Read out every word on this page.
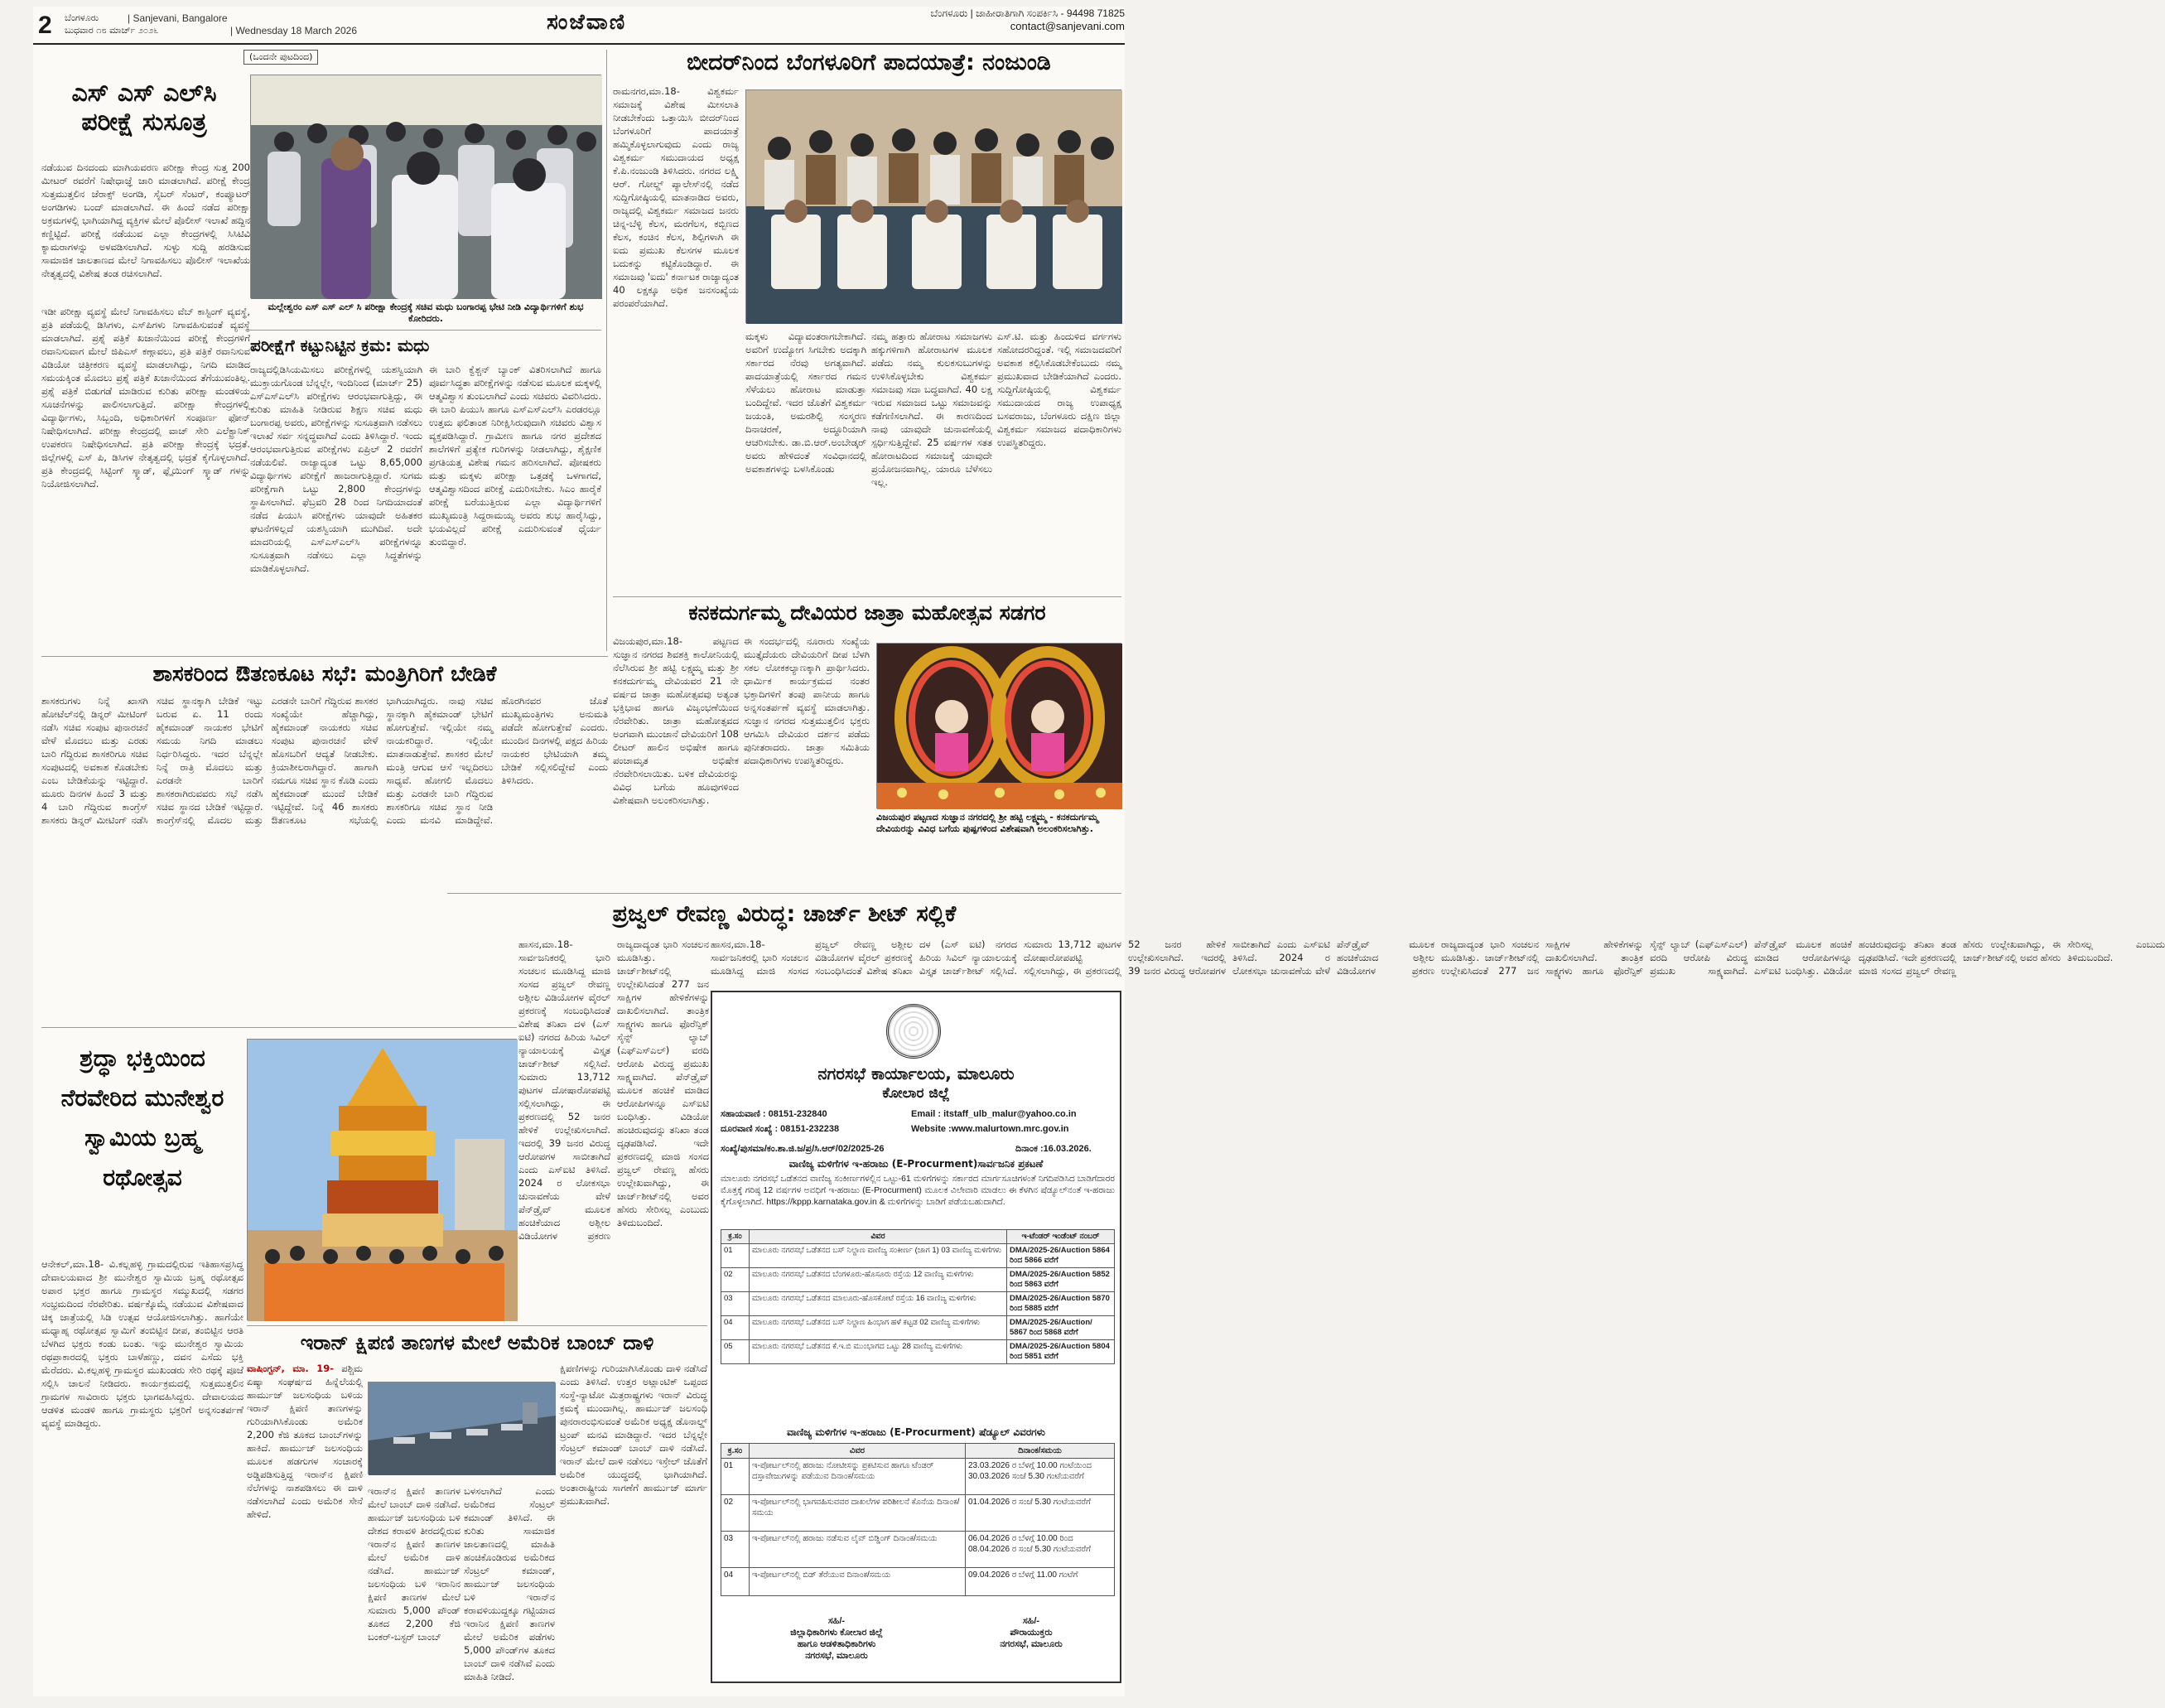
2 ಬೆಂಗಳೂರು
ಬುಧವಾರ ೧೮ ಮಾರ್ಚ್ ೨೦೨೬
| Sanjevani, Bangalore
| Wednesday 18 March 2026	ಸಂಜೆವಾಣಿ	ಬೆಂಗಳೂರು | ಜಾಹೀರಾತಿಗಾಗಿ ಸಂಪರ್ಕಿಸಿ - 94498 71825
contact@sanjevani.com
(ಒಂದನೇ ಪುಟದಿಂದ)
ಎಸ್ ಎಸ್ ಎಲ್‌ಸಿ ಪರೀಕ್ಷೆ ಸುಸೂತ್ರ
ನಡೆಯುವ ದಿನದಂದು ಮಾಗಿಯವರಣ ಪರೀಕ್ಷಾ ಕೇಂದ್ರ ಸುತ್ತ 200 ಮೀಟರ್ ರವರೆಗೆ ನಿಷೇಧಾಜ್ಞೆ ಜಾರಿ ಮಾಡಲಾಗಿದೆ. ಪರೀಕ್ಷೆ ಕೇಂದ್ರ ಸುತ್ತಮುತ್ತಲಿನ ಜೆರಾಕ್ಸ್ ಅಂಗಡಿ, ಸೈಬರ್ ಸೆಂಟರ್, ಕಂಪ್ಯೂಟರ್ ಅಂಗಡಿಗಳು ಬಂದ್ ಮಾಡಲಾಗಿದೆ. ಈ ಹಿಂದೆ ನಡೆದ ಪರೀಕ್ಷಾ ಅಕ್ರಮಗಳಲ್ಲಿ ಭಾಗಿಯಾಗಿದ್ದ ವ್ಯಕ್ತಿಗಳ ಮೇಲೆ ಪೊಲೀಸ್ ಇಲಾಖೆ ಹದ್ದಿನ ಕಣ್ಣಿಟ್ಟಿದೆ. ಪರೀಕ್ಷೆ ನಡೆಯುವ ಎಲ್ಲಾ ಕೇಂದ್ರಗಳಲ್ಲಿ ಸಿಸಿಟಿವಿ ಕ್ಯಾಮರಾಗಳನ್ನು ಅಳವಡಿಸಲಾಗಿದೆ. ಸುಳ್ಳು ಸುದ್ದಿ ಹರಡಿಸುವ ಸಾಮಾಜಿಕ ಜಾಲತಾಣದ ಮೇಲೆ ನಿಗಾವಹಿಸಲು ಪೊಲೀಸ್ ಇಲಾಖೆಯ ನೇತೃತ್ವದಲ್ಲಿ ವಿಶೇಷ ತಂಡ ರಚಿಸಲಾಗಿದೆ.
ಮಲ್ಲೇಶ್ವರಂ ಎಸ್ ಎಸ್ ಎಲ್ ಸಿ ಪರೀಕ್ಷಾ ಕೇಂದ್ರಕ್ಕೆ ಸಚಿವ ಮಧು ಬಂಗಾರಪ್ಪ ಭೇಟಿ ನೀಡಿ ವಿದ್ಯಾರ್ಥಿಗಳಿಗೆ ಶುಭ ಕೋರಿದರು.
ಇಡೀ ಪರೀಕ್ಷಾ ವ್ಯವಸ್ಥೆ ಮೇಲೆ ನಿಗಾವಹಿಸಲು ವೆಬ್ ಕಾಸ್ಟಿಂಗ್ ವ್ಯವಸ್ಥೆ, ಪ್ರತಿ ಪಡೆಯಲ್ಲಿ ಡಿಸಿಗಳು, ಎಸ್‌ಪಿಗಳು ನಿಗಾವಹಿಸುವಂತೆ ವ್ಯವಸ್ಥೆ ಮಾಡಲಾಗಿದೆ. ಪ್ರಶ್ನೆ ಪತ್ರಿಕೆ ಖಜಾನೆಯಿಂದ ಪರೀಕ್ಷೆ ಕೇಂದ್ರಗಳಿಗೆ ರವಾನಿಸುವಾಗ ಮೇಲೆ ಜಿಪಿಎಸ್ ಕಣ್ಗಾವಲು, ಪ್ರತಿ ಪತ್ರಿಕೆ ರವಾನಿಸುವ ವಿಡಿಯೋ ಚಿತ್ರೀಕರಣ ವ್ಯವಸ್ಥೆ ಮಾಡಲಾಗಿದ್ದು, ನಿಗದಿ ಮಾಡಿದ ಸಮಯಕ್ಕಿಂತ ಮೊದಲು ಪ್ರಶ್ನೆ ಪತ್ರಿಕೆ ಖಜಾನೆಯಿಂದ ತೆಗೆಯುವಂತಿಲ್ಲ. ಪ್ರಶ್ನೆ ಪತ್ರಿಕೆ ಬಿಡುಗಡೆ ಮಾಡಿರುವ ಕುರಿತು ಪರೀಕ್ಷಾ ಮಂಡಳಿಯ ಸೂಚನೆಗಳನ್ನು ಪಾಲಿಸಲಾಗುತ್ತಿದೆ. ಪರೀಕ್ಷಾ ಕೇಂದ್ರಗಳಲ್ಲಿ ವಿದ್ಯಾರ್ಥಿಗಳು, ಸಿಬ್ಬಂದಿ, ಅಧಿಕಾರಿಗಳಿಗೆ ಸಂಪೂರ್ಣ ಫೋನ್ ನಿಷೇಧಿಸಲಾಗಿದೆ. ಪರೀಕ್ಷಾ ಕೇಂದ್ರದಲ್ಲಿ ವಾಚ್ ಸೇರಿ ಎಲೆಕ್ಟ್ರಾನಿಕ್ ಉಪಕರಣ ನಿಷೇಧಿಸಲಾಗಿದೆ. ಪ್ರತಿ ಪರೀಕ್ಷಾ ಕೇಂದ್ರಕ್ಕೆ ಭದ್ರತೆ. ಜಿಲ್ಲೆಗಳಲ್ಲಿ ಎಸ್ ಪಿ, ಡಿಸಿಗಳ ನೇತೃತ್ವದಲ್ಲಿ ಭದ್ರತೆ ಕೈಗೊಳ್ಳಲಾಗಿದೆ. ಪ್ರತಿ ಕೇಂದ್ರದಲ್ಲಿ ಸಿಟ್ಟಿಂಗ್ ಸ್ಕ್ವಾಡ್, ಫ್ಲೈಯಿಂಗ್ ಸ್ಕ್ವಾಡ್ ಗಳನ್ನು ನಿಯೋಜಿಸಲಾಗಿದೆ.
ಪರೀಕ್ಷೆಗೆ ಕಟ್ಟುನಿಟ್ಟಿನ ಕ್ರಮ: ಮಧು
ರಾಜ್ಯದಲ್ಲಿಡಿಸಿಯಮಿಸಲು ಪರೀಕ್ಷೆಗಳಲ್ಲಿ ಯಶಸ್ವಿಯಾಗಿ ಮುಕ್ತಾಯಗೊಂಡ ಬೆನ್ನಲ್ಲೇ, ಇಂದಿನಿಂದ (ಮಾರ್ಚ್ 25) ಎಸ್‌ಎಸ್‌ಎಲ್‌ಸಿ ಪರೀಕ್ಷೆಗಳು ಆರಂಭವಾಗುತ್ತಿದ್ದು, ಈ ಕುರಿತು ಮಾಹಿತಿ ನೀಡಿರುವ ಶಿಕ್ಷಣ ಸಚಿವ ಮಧು ಬಂಗಾರಪ್ಪ ಅವರು, ಪರೀಕ್ಷೆಗಳನ್ನು ಸುಸೂತ್ರವಾಗಿ ನಡೆಸಲು ಇಲಾಖೆ ಸರ್ವ ಸನ್ನದ್ಧವಾಗಿದೆ ಎಂದು ತಿಳಿಸಿದ್ದಾರೆ. ಇಂದು ಆರಂಭವಾಗುತ್ತಿರುವ ಪರೀಕ್ಷೆಗಳು ಏಪ್ರಿಲ್ 2 ರವರೆಗೆ ನಡೆಯಲಿವೆ. ರಾಜ್ಯಾದ್ಯಂತ ಒಟ್ಟು 8,65,000 ವಿದ್ಯಾರ್ಥಿಗಳು ಪರೀಕ್ಷೆಗೆ ಹಾಜರಾಗುತ್ತಿದ್ದಾರೆ. ಸುಗಮ ಪರೀಕ್ಷೆಗಾಗಿ ಒಟ್ಟು 2,800 ಕೇಂದ್ರಗಳನ್ನು ಸ್ಥಾಪಿಸಲಾಗಿದೆ. ಫೆಬ್ರವರಿ 28 ರಿಂದ ನಿಗದಿಯಾದಂತೆ ನಡೆದ ಪಿಯುಸಿ ಪರೀಕ್ಷೆಗಳು ಯಾವುದೇ ಅಹಿತಕರ ಘಟನೆಗಳಿಲ್ಲದೆ ಯಶಸ್ವಿಯಾಗಿ ಮುಗಿದಿವೆ. ಅದೇ ಮಾದರಿಯಲ್ಲಿ ಎಸ್‌ಎಸ್‌ಎಲ್‌ಸಿ ಪರೀಕ್ಷೆಗಳನ್ನೂ ಸುಸೂತ್ರವಾಗಿ ನಡೆಸಲು ಎಲ್ಲಾ ಸಿದ್ಧತೆಗಳನ್ನು ಮಾಡಿಕೊಳ್ಳಲಾಗಿದೆ.
ಈ ಬಾರಿ ಕ್ವೆಶ್ಚನ್ ಬ್ಯಾಂಕ್ ವಿತರಿಸಲಾಗಿದೆ ಹಾಗೂ ಪೂರ್ವಸಿದ್ಧತಾ ಪರೀಕ್ಷೆಗಳನ್ನು ನಡೆಸುವ ಮೂಲಕ ಮಕ್ಕಳಲ್ಲಿ ಆತ್ಮವಿಶ್ವಾಸ ತುಂಬಲಾಗಿದೆ ಎಂದು ಸಚಿವರು ವಿವರಿಸಿದರು. ಈ ಬಾರಿ ಪಿಯುಸಿ ಹಾಗೂ ಎಸ್‌ಎಸ್‌ಎಲ್‌ಸಿ ಎರಡರಲ್ಲೂ ಉತ್ತಮ ಫಲಿತಾಂಶ ನಿರೀಕ್ಷಿಸಿರುವುದಾಗಿ ಸಚಿವರು ವಿಶ್ವಾಸ ವ್ಯಕ್ತಪಡಿಸಿದ್ದಾರೆ. ಗ್ರಾಮೀಣ ಹಾಗೂ ನಗರ ಪ್ರದೇಶದ ಶಾಲೆಗಳಿಗೆ ಪ್ರತ್ಯೇಕ ಗುರಿಗಳನ್ನು ನೀಡಲಾಗಿದ್ದು, ಶೈಕ್ಷಣಿಕ ಪ್ರಗತಿಯತ್ತ ವಿಶೇಷ ಗಮನ ಹರಿಸಲಾಗಿದೆ. ಪೋಷಕರು ಮತ್ತು ಮಕ್ಕಳು ಪರೀಕ್ಷಾ ಒತ್ತಡಕ್ಕೆ ಒಳಗಾಗದೆ, ಆತ್ಮವಿಶ್ವಾಸದಿಂದ ಪರೀಕ್ಷೆ ಎದುರಿಸಬೇಕು. ಸಿಎಂ ಹಾರೈಕೆ ಪರೀಕ್ಷೆ ಬರೆಯುತ್ತಿರುವ ಎಲ್ಲಾ ವಿದ್ಯಾರ್ಥಿಗಳಿಗೆ ಮುಖ್ಯಮಂತ್ರಿ ಸಿದ್ದರಾಮಯ್ಯ ಅವರು ಶುಭ ಹಾರೈಸಿದ್ದು, ಭಯವಿಲ್ಲದೆ ಪರೀಕ್ಷೆ ಎದುರಿಸುವಂತೆ ಧೈರ್ಯ ತುಂಬಿದ್ದಾರೆ.
ಬೀದರ್‌ನಿಂದ ಬೆಂಗಳೂರಿಗೆ ಪಾದಯಾತ್ರೆ: ನಂಜುಂಡಿ
ರಾಮನಗರ,ಮಾ.18- ವಿಶ್ವಕರ್ಮ ಸಮಾಜಕ್ಕೆ ವಿಶೇಷ ಮೀಸಲಾತಿ ನೀಡಬೇಕೆಂದು ಒತ್ತಾಯಿಸಿ ಬೀದರ್‌ನಿಂದ ಬೆಂಗಳೂರಿಗೆ ಪಾದಯಾತ್ರೆ ಹಮ್ಮಿಕೊಳ್ಳಲಾಗುವುದು ಎಂದು ರಾಜ್ಯ ವಿಶ್ವಕರ್ಮ ಸಮುದಾಯದ ಅಧ್ಯಕ್ಷ ಕೆ.ಪಿ.ನಂಜುಂಡಿ ತಿಳಿಸಿದರು. ನಗರದ ಲಕ್ಷ್ಮಿ ಆರ್. ಗೋಲ್ಡ್ ಪ್ಯಾಲೇಸ್‌ನಲ್ಲಿ ನಡೆದ ಸುದ್ದಿಗೋಷ್ಠಿಯಲ್ಲಿ ಮಾತನಾಡಿದ ಅವರು, ರಾಜ್ಯದಲ್ಲಿ ವಿಶ್ವಕರ್ಮ ಸಮಾಜದ ಜನರು ಚಿನ್ನ-ಬೆಳ್ಳಿ ಕೆಲಸ, ಮರಗೆಲಸ, ಕಬ್ಬಿಣದ ಕೆಲಸ, ಕಂಚಿನ ಕೆಲಸ, ಶಿಲ್ಪಿಗಳಾಗಿ ಈ ಐದು ಪ್ರಮುಖ ಕೆಲಸಗಳ ಮೂಲಕ ಬದುಕನ್ನು ಕಟ್ಟಿಕೊಂಡಿದ್ದಾರೆ. ಈ ಸಮಾಜವು 'ಐದು' ಕರ್ನಾಟಕ ರಾಜ್ಯಾದ್ಯಂತ 40 ಲಕ್ಷಕ್ಕೂ ಅಧಿಕ ಜನಸಂಖ್ಯೆಯ ಪರಂಪರೆಯಾಗಿದೆ.
ಮಕ್ಕಳು ವಿದ್ಯಾವಂತರಾಗಬೇಕಾಗಿದೆ. ಅವರಿಗೆ ಉದ್ಯೋಗ ಸಿಗಬೇಕು ಅದಕ್ಕಾಗಿ ಸರ್ಕಾರದ ನೆರವು ಅಗತ್ಯವಾಗಿದೆ. ಪಾದಯಾತ್ರೆಯಲ್ಲಿ ಸರ್ಕಾರದ ಗಮನ ಸೆಳೆಯಲು ಹೋರಾಟ ಮಾಡುತ್ತಾ ಬಂದಿದ್ದೇವೆ. ಇದರ ಜೊತೆಗೆ ವಿಶ್ವಕರ್ಮ ಜಯಂತಿ, ಅಮರಶಿಲ್ಪಿ ಸಂಸ್ಮರಣ ದಿನಾಚರಣೆ, ಅದ್ಧೂರಿಯಾಗಿ ಆಚರಿಸಬೇಕು. ಡಾ.ಬಿ.ಆರ್.ಅಂಬೇಡ್ಕರ್ ಅವರು ಹೇಳಿದಂತೆ ಸಂವಿಧಾನದಲ್ಲಿ ಅವಕಾಶಗಳನ್ನು ಬಳಸಿಕೊಂಡು
ನಮ್ಮ ಹತ್ತಾರು ಹೋರಾಟ ಸಮಾಜಗಳು ಹಕ್ಕುಗಳಿಗಾಗಿ ಹೋರಾಟಗಳ ಮೂಲಕ ಪಡೆದು ನಮ್ಮ ಕುಲಕಸುಬುಗಳನ್ನು ಉಳಿಸಿಕೊಳ್ಳಬೇಕು ವಿಶ್ವಕರ್ಮ ಸಮಾಜವು ಸದಾ ಬದ್ಧವಾಗಿದೆ. 40 ಲಕ್ಷ ಇರುವ ಸಮಾಜದ ಒಟ್ಟು ಸಮಾಜವನ್ನು ಕಡೆಗಣಿಸಲಾಗಿದೆ. ಈ ಕಾರಣದಿಂದ ನಾವು ಯಾವುದೇ ಚುನಾವಣೆಯಲ್ಲಿ ಸ್ಪರ್ಧಿಸುತ್ತಿದ್ದೇವೆ. 25 ವರ್ಷಗಳ ಸತತ ಹೋರಾಟದಿಂದ ಸಮಾಜಕ್ಕೆ ಯಾವುದೇ ಪ್ರಯೋಜನವಾಗಿಲ್ಲ. ಯಾರೂ ಬೆಳೆಸಲು ಇಲ್ಲ.
ಎಸ್.ಟಿ. ಮತ್ತು ಹಿಂದುಳಿದ ವರ್ಗಗಳು ಸಹೋದರರಿದ್ದಂತೆ. ಇಲ್ಲಿ ಸಮಾಜದವರಿಗೆ ಅವಕಾಶ ಕಲ್ಪಿಸಿಕೊಡಬೇಕೆಂಬುದು ನಮ್ಮ ಪ್ರಮುಖವಾದ ಬೇಡಿಕೆಯಾಗಿದೆ ಎಂದರು. ಸುದ್ದಿಗೋಷ್ಠಿಯಲ್ಲಿ ವಿಶ್ವಕರ್ಮ ಸಮುದಾಯದ ರಾಜ್ಯ ಉಪಾಧ್ಯಕ್ಷ ಬಸವರಾಜು, ಬೆಂಗಳೂರು ದಕ್ಷಿಣ ಜಿಲ್ಲಾ ವಿಶ್ವಕರ್ಮ ಸಮಾಜದ ಪದಾಧಿಕಾರಿಗಳು ಉಪಸ್ಥಿತರಿದ್ದರು.
ಕನಕದುರ್ಗಮ್ಮ ದೇವಿಯರ ಜಾತ್ರಾ ಮಹೋತ್ಸವ ಸಡಗರ
ವಿಜಯಪುರ,ಮಾ.18- ಪಟ್ಟಣದ ಸುಜ್ಞಾನ ನಗರದ ಶಿವಶಕ್ತಿ ಕಾಲೋನಿಯಲ್ಲಿ ನೆಲೆಸಿರುವ ಶ್ರೀ ಹಟ್ಟಿ ಲಕ್ಷ್ಮಮ್ಮ ಮತ್ತು ಶ್ರೀ ಕನಕದುರ್ಗಮ್ಮ ದೇವಿಯವರ 21 ನೇ ವರ್ಷದ ಜಾತ್ರಾ ಮಹೋತ್ಸವವು ಅತ್ಯಂತ ಭಕ್ತಿಭಾವ ಹಾಗೂ ವಿಜೃಂಭಣೆಯಿಂದ ನೆರವೇರಿತು. ಜಾತ್ರಾ ಮಹೋತ್ಸವದ ಅಂಗವಾಗಿ ಮುಂಜಾನೆ ದೇವಿಯರಿಗೆ 108 ಲೀಟರ್ ಹಾಲಿನ ಅಭಿಷೇಕ ಹಾಗೂ ಪಂಚಾಮೃತ ಅಭಿಷೇಕ ನೆರವೇರಿಸಲಾಯಿತು. ಬಳಿಕ ದೇವಿಯರನ್ನು ವಿವಿಧ ಬಗೆಯ ಹೂವುಗಳಿಂದ ವಿಶೇಷವಾಗಿ ಅಲಂಕರಿಸಲಾಗಿತ್ತು.
ಈ ಸಂದರ್ಭದಲ್ಲಿ ನೂರಾರು ಸಂಖ್ಯೆಯ ಮುತ್ತೈದೆಯರು ದೇವಿಯರಿಗೆ ದೀಪ ಬೆಳಗಿ ಸಕಲ ಲೋಕಕಲ್ಯಾಣಕ್ಕಾಗಿ ಪ್ರಾರ್ಥಿಸಿದರು. ಧಾರ್ಮಿಕ ಕಾರ್ಯಕ್ರಮದ ನಂತರ ಭಕ್ತಾದಿಗಳಿಗೆ ತಂಪು ಪಾನೀಯ ಹಾಗೂ ಅನ್ನಸಂತರ್ಪಣೆ ವ್ಯವಸ್ಥೆ ಮಾಡಲಾಗಿತ್ತು. ಸುಜ್ಞಾನ ನಗರದ ಸುತ್ತಮುತ್ತಲಿನ ಭಕ್ತರು ಆಗಮಿಸಿ ದೇವಿಯರ ದರ್ಶನ ಪಡೆದು ಪುನೀತರಾದರು. ಜಾತ್ರಾ ಸಮಿತಿಯ ಪದಾಧಿಕಾರಿಗಳು ಉಪಸ್ಥಿತರಿದ್ದರು.
ವಿಜಯಪುರ ಪಟ್ಟಣದ ಸುಜ್ಞಾನ ನಗರದಲ್ಲಿ ಶ್ರೀ ಹಟ್ಟಿ ಲಕ್ಷ್ಮಮ್ಮ - ಕನಕದುರ್ಗಮ್ಮ ದೇವಿಯರನ್ನು ವಿವಿಧ ಬಗೆಯ ಪುಷ್ಪಗಳಿಂದ ವಿಶೇಷವಾಗಿ ಅಲಂಕರಿಸಲಾಗಿತ್ತು.
ಶಾಸಕರಿಂದ ಔತಣಕೂಟ ಸಭೆ: ಮಂತ್ರಿಗಿರಿಗೆ ಬೇಡಿಕೆ
ಶಾಸಕರುಗಳು ನಿನ್ನೆ ಖಾಸಗಿ ಹೋಟೆಲ್‌ನಲ್ಲಿ ಡಿನ್ನರ್ ಮೀಟಿಂಗ್ ನಡೆಸಿ ಸಚಿವ ಸಂಪುಟ ಪುನಾರಚನೆ ವೇಳೆ ಮೊದಲು ಮತ್ತು ಎರಡು ಬಾರಿ ಗೆದ್ದಿರುವ ಶಾಸಕರಿಗೂ ಸಚಿವ ಸಂಪುಟದಲ್ಲಿ ಅವಕಾಶ ಕೊಡಬೇಕು ಎಂಬ ಬೇಡಿಕೆಯನ್ನು ಇಟ್ಟಿದ್ದಾರೆ. ಮೂರು ದಿನಗಳ ಹಿಂದೆ 3 ಮತ್ತು 4 ಬಾರಿ ಗೆದ್ದಿರುವ ಕಾಂಗ್ರೆಸ್ ಶಾಸಕರು ಡಿನ್ನರ್ ಮೀಟಿಂಗ್ ನಡೆಸಿ ಸಚಿವ ಸ್ಥಾನಕ್ಕಾಗಿ ಬೇಡಿಕೆ ಇಟ್ಟು ಬರುವ ಏ. 11 ರಂದು ಹೈಕಮಾಂಡ್ ನಾಯಕರ ಭೇಟಿಗೆ ಸಮಯ ನಿಗದಿ ಮಾಡಲು ನಿರ್ಧರಿಸಿದ್ದರು. ಇದರ ಬೆನ್ನಲ್ಲೇ ನಿನ್ನೆ ರಾತ್ರಿ ಮೊದಲು ಮತ್ತು ಎರಡನೇ ಬಾರಿಗೆ ಶಾಸಕರಾಗಿರುವವರು ಸಭೆ ನಡೆಸಿ ಸಚಿವ ಸ್ಥಾನದ ಬೇಡಿಕೆ ಇಟ್ಟಿದ್ದಾರೆ. ಕಾಂಗ್ರೆಸ್‌ನಲ್ಲಿ ಮೊದಲ ಮತ್ತು ಎರಡನೇ ಬಾರಿಗೆ ಗೆದ್ದಿರುವ ಶಾಸಕರ ಸಂಖ್ಯೆಯೇ ಹೆಚ್ಚಾಗಿದ್ದು, ಹೈಕಮಾಂಡ್ ನಾಯಕರು ಸಚಿವ ಸಂಪುಟ ಪುನಾರಚನೆ ವೇಳೆ ಹೊಸಬರಿಗೆ ಆದ್ಯತೆ ನೀಡಬೇಕು. ಕ್ರಿಯಾಶೀಲರಾಗಿದ್ದಾರೆ. ಹಾಗಾಗಿ ನಮಗೂ ಸಚಿವ ಸ್ಥಾನ ಕೊಡಿ ಎಂದು ಹೈಕಮಾಂಡ್ ಮುಂದೆ ಬೇಡಿಕೆ ಇಟ್ಟಿದ್ದೇವೆ. ನಿನ್ನೆ 46 ಶಾಸಕರು ಔತಣಕೂಟ ಸಭೆಯಲ್ಲಿ ಭಾಗಿಯಾಗಿದ್ದರು. ನಾವು ಸಚಿವ ಸ್ಥಾನಕ್ಕಾಗಿ ಹೈಕಮಾಂಡ್ ಭೇಟಿಗೆ ಹೋಗುತ್ತೇವೆ. ಇಲ್ಲಿಯೇ ನಮ್ಮ ನಾಯಕರಿದ್ದಾರೆ. ಇಲ್ಲಿಯೇ ಮಾತನಾಡುತ್ತೇವೆ. ಶಾಸಕರ ಮೇಲೆ ಮಂತ್ರಿ ಆಗುವ ಆಸೆ ಇಲ್ಲದಿರಲು ಸಾಧ್ಯವೆ. ಹೋಗಲಿ ಮೊದಲು ಮತ್ತು ಎರಡನೇ ಬಾರಿ ಗೆದ್ದಿರುವ ಶಾಸಕರಿಗೂ ಸಚಿವ ಸ್ಥಾನ ನೀಡಿ ಎಂದು ಮನವಿ ಮಾಡಿದ್ದೇವೆ. ಹೊರಗಿನವರ ಜೊತೆ ಮುಖ್ಯಮಂತ್ರಿಗಳು ಅನುಮತಿ ಪಡೆದೇ ಹೋಗುತ್ತೇವೆ ಎಂದರು. ಮುಂದಿನ ದಿನಗಳಲ್ಲಿ ಪಕ್ಷದ ಹಿರಿಯ ನಾಯಕರ ಭೇಟಿಯಾಗಿ ತಮ್ಮ ಬೇಡಿಕೆ ಸಲ್ಲಿಸಲಿದ್ದೇವೆ ಎಂದು ತಿಳಿಸಿದರು.
ಪ್ರಜ್ವಲ್ ರೇವಣ್ಣ ವಿರುದ್ಧ: ಚಾರ್ಜ್ ಶೀಟ್ ಸಲ್ಲಿಕೆ
ಹಾಸನ,ಮಾ.18- ಸಾರ್ವಜನಿಕರಲ್ಲಿ ಭಾರಿ ಸಂಚಲನ ಮೂಡಿಸಿದ್ದ ಮಾಜಿ ಸಂಸದ ಪ್ರಜ್ವಲ್ ರೇವಣ್ಣ ಅಶ್ಲೀಲ ವಿಡಿಯೋಗಳ ವೈರಲ್ ಪ್ರಕರಣಕ್ಕೆ ಸಂಬಂಧಿಸಿದಂತೆ ವಿಶೇಷ ತನಿಖಾ ದಳ (ಎಸ್ ಐಟಿ) ನಗರದ ಹಿರಿಯ ಸಿವಿಲ್ ನ್ಯಾಯಾಲಯಕ್ಕೆ ವಿಸ್ತೃತ ಚಾರ್ಜ್‌ಶೀಟ್ ಸಲ್ಲಿಸಿದೆ. ಸುಮಾರು 13,712 ಪುಟಗಳ ದೋಷಾರೋಪಪಟ್ಟಿ ಸಲ್ಲಿಸಲಾಗಿದ್ದು, ಈ ಪ್ರಕರಣದಲ್ಲಿ 52 ಜನರ ಹೇಳಿಕೆ ಉಲ್ಲೇಖಿಸಲಾಗಿದೆ. ಇದರಲ್ಲಿ 39 ಜನರ ವಿರುದ್ಧ ಆರೋಪಗಳ ಸಾಬೀತಾಗಿದೆ ಎಂದು ಎಸ್‌ಐಟಿ ತಿಳಿಸಿದೆ. 2024 ರ ಲೋಕಸಭಾ ಚುನಾವಣೆಯ ವೇಳೆ ಪೆನ್‌ಡ್ರೈವ್ ಮೂಲಕ ಹಂಚಿಕೆಯಾದ ಅಶ್ಲೀಲ ವಿಡಿಯೋಗಳ ಪ್ರಕರಣ ರಾಜ್ಯದಾದ್ಯಂತ ಭಾರಿ ಸಂಚಲನ ಮೂಡಿಸಿತ್ತು. ಚಾರ್ಜ್‌ಶೀಟ್‌ನಲ್ಲಿ ಉಲ್ಲೇಖಿಸಿದಂತೆ 277 ಜನ ಸಾಕ್ಷಿಗಳ ಹೇಳಿಕೆಗಳನ್ನು ದಾಖಲಿಸಲಾಗಿದೆ. ತಾಂತ್ರಿಕ ಸಾಕ್ಷ್ಯಗಳು ಹಾಗೂ ಫೊರೆನ್ಸಿಕ್ ಸೈನ್ಸ್ ಲ್ಯಾಬ್ (ಎಫ್‌ಎಸ್‌ಎಲ್) ವರದಿ ಆರೋಪಿ ವಿರುದ್ಧ ಪ್ರಮುಖ ಸಾಕ್ಷ್ಯವಾಗಿದೆ. ಪೆನ್‌ಡ್ರೈವ್ ಮೂಲಕ ಹಂಚಿಕೆ ಮಾಡಿದ ಆರೋಪಿಗಳನ್ನೂ ಎಸ್‌ಐಟಿ ಬಂಧಿಸಿತ್ತು. ವಿಡಿಯೋ ಹಂಚಿರುವುದನ್ನು ತನಿಖಾ ತಂಡ ದೃಢಪಡಿಸಿದೆ. ಇದೇ ಪ್ರಕರಣದಲ್ಲಿ ಮಾಜಿ ಸಂಸದ ಪ್ರಜ್ವಲ್ ರೇವಣ್ಣ ಹೆಸರು ಉಲ್ಲೇಖವಾಗಿದ್ದು, ಈ ಚಾರ್ಜ್‌ಶೀಟ್‌ನಲ್ಲಿ ಅವರ ಹೆಸರು ಸೇರಿಸಲ್ಲ ಎಂಬುದು ತಿಳಿದುಬಂದಿದೆ.
ಹಾಸನ,ಮಾ.18- ಸಾರ್ವಜನಿಕರಲ್ಲಿ ಭಾರಿ ಸಂಚಲನ ಮೂಡಿಸಿದ್ದ ಮಾಜಿ ಸಂಸದ ಪ್ರಜ್ವಲ್ ರೇವಣ್ಣ ಅಶ್ಲೀಲ ವಿಡಿಯೋಗಳ ವೈರಲ್ ಪ್ರಕರಣಕ್ಕೆ ಸಂಬಂಧಿಸಿದಂತೆ ವಿಶೇಷ ತನಿಖಾ ದಳ (ಎಸ್ ಐಟಿ) ನಗರದ ಹಿರಿಯ ಸಿವಿಲ್ ನ್ಯಾಯಾಲಯಕ್ಕೆ ವಿಸ್ತೃತ ಚಾರ್ಜ್‌ಶೀಟ್ ಸಲ್ಲಿಸಿದೆ. ಸುಮಾರು 13,712 ಪುಟಗಳ ದೋಷಾರೋಪಪಟ್ಟಿ ಸಲ್ಲಿಸಲಾಗಿದ್ದು, ಈ ಪ್ರಕರಣದಲ್ಲಿ 52 ಜನರ ಹೇಳಿಕೆ ಉಲ್ಲೇಖಿಸಲಾಗಿದೆ. ಇದರಲ್ಲಿ 39 ಜನರ ವಿರುದ್ಧ ಆರೋಪಗಳ ಸಾಬೀತಾಗಿದೆ ಎಂದು ಎಸ್‌ಐಟಿ ತಿಳಿಸಿದೆ. 2024 ರ ಲೋಕಸಭಾ ಚುನಾವಣೆಯ ವೇಳೆ ಪೆನ್‌ಡ್ರೈವ್ ಮೂಲಕ ಹಂಚಿಕೆಯಾದ ಅಶ್ಲೀಲ ವಿಡಿಯೋಗಳ ಪ್ರಕರಣ ರಾಜ್ಯದಾದ್ಯಂತ ಭಾರಿ ಸಂಚಲನ ಮೂಡಿಸಿತ್ತು. ಚಾರ್ಜ್‌ಶೀಟ್‌ನಲ್ಲಿ ಉಲ್ಲೇಖಿಸಿದಂತೆ 277 ಜನ ಸಾಕ್ಷಿಗಳ ಹೇಳಿಕೆಗಳನ್ನು ದಾಖಲಿಸಲಾಗಿದೆ. ತಾಂತ್ರಿಕ ಸಾಕ್ಷ್ಯಗಳು ಹಾಗೂ ಫೊರೆನ್ಸಿಕ್ ಸೈನ್ಸ್ ಲ್ಯಾಬ್ (ಎಫ್‌ಎಸ್‌ಎಲ್) ವರದಿ ಆರೋಪಿ ವಿರುದ್ಧ ಪ್ರಮುಖ ಸಾಕ್ಷ್ಯವಾಗಿದೆ. ಪೆನ್‌ಡ್ರೈವ್ ಮೂಲಕ ಹಂಚಿಕೆ ಮಾಡಿದ ಆರೋಪಿಗಳನ್ನೂ ಎಸ್‌ಐಟಿ ಬಂಧಿಸಿತ್ತು. ವಿಡಿಯೋ ಹಂಚಿರುವುದನ್ನು ತನಿಖಾ ತಂಡ ದೃಢಪಡಿಸಿದೆ. ಇದೇ ಪ್ರಕರಣದಲ್ಲಿ ಮಾಜಿ ಸಂಸದ ಪ್ರಜ್ವಲ್ ರೇವಣ್ಣ ಹೆಸರು ಉಲ್ಲೇಖವಾಗಿದ್ದು, ಈ ಚಾರ್ಜ್‌ಶೀಟ್‌ನಲ್ಲಿ ಅವರ ಹೆಸರು ಸೇರಿಸಲ್ಲ ಎಂಬುದು ತಿಳಿದುಬಂದಿದೆ.
ಶ್ರದ್ಧಾ ಭಕ್ತಿಯಿಂದ ನೆರವೇರಿದ ಮುನೇಶ್ವರ ಸ್ವಾಮಿಯ ಬ್ರಹ್ಮ ರಥೋತ್ಸವ
ಆನೇಕಲ್,ಮಾ.18- ವಿ.ಕಲ್ಲಹಳ್ಳಿ ಗ್ರಾಮದಲ್ಲಿರುವ ಇತಿಹಾಸಪ್ರಸಿದ್ಧ ದೇವಾಲಯವಾದ ಶ್ರೀ ಮುನೇಶ್ವರ ಸ್ವಾಮಿಯ ಬ್ರಹ್ಮ ರಥೋತ್ಸವ ಅಪಾರ ಭಕ್ತರ ಹಾಗೂ ಗ್ರಾಮಸ್ಥರ ಸಮ್ಮುಖದಲ್ಲಿ ಸಡಗರ ಸಂಭ್ರಮದಿಂದ ನೆರವೇರಿತು. ವರ್ಷಕ್ಕೊಮ್ಮೆ ನಡೆಯುವ ವಿಶೇಷವಾದ ಚಿಕ್ಕ ಜಾತ್ರೆಯಲ್ಲಿ ಸಿಡಿ ಉತ್ಸವ ಆಯೋಜಿಸಲಾಗಿತ್ತು. ಹಾಗೆಯೇ ಮಧ್ಯಾಹ್ನ ರಥೋತ್ಸವ ಸ್ವಾಮಿಗೆ ತಂಬಿಟ್ಟಿನ ದೀಪ, ತಂಬಿಟ್ಟಿನ ಆರತಿ ಬೆಳಗಿದ ಭಕ್ತರು ಕಂಡು ಬಂತು. ಇನ್ನು ಮುನೇಶ್ವರ ಸ್ವಾಮಿಯ ರಥಪ್ರಾಕಾರದಲ್ಲಿ ಭಕ್ತರು ಬಾಳೆಹಣ್ಣು, ದವನ ಎಸೆದು ಭಕ್ತಿ ಮೆರೆದರು. ವಿ.ಕಲ್ಲಹಳ್ಳಿ ಗ್ರಾಮಸ್ಥರ ಮುಖಂಡರು ಸೇರಿ ರಥಕ್ಕೆ ಪೂಜೆ ಸಲ್ಲಿಸಿ ಚಾಲನೆ ನೀಡಿದರು. ಕಾರ್ಯಕ್ರಮದಲ್ಲಿ ಸುತ್ತಮುತ್ತಲಿನ ಗ್ರಾಮಗಳ ಸಾವಿರಾರು ಭಕ್ತರು ಭಾಗವಹಿಸಿದ್ದರು. ದೇವಾಲಯದ ಆಡಳಿತ ಮಂಡಳಿ ಹಾಗೂ ಗ್ರಾಮಸ್ಥರು ಭಕ್ತರಿಗೆ ಅನ್ನಸಂತರ್ಪಣೆ ವ್ಯವಸ್ಥೆ ಮಾಡಿದ್ದರು.
ಇರಾನ್ ಕ್ಷಿಪಣಿ ತಾಣಗಳ ಮೇಲೆ ಅಮೆರಿಕ ಬಾಂಬ್ ದಾಳಿ
ವಾಷಿಂಗ್ಟನ್, ಮಾ. 19- ಪಶ್ಚಿಮ ಏಷ್ಯಾ ಸಂಘರ್ಷದ ಹಿನ್ನೆಲೆಯಲ್ಲಿ ಹಾರ್ಮುಜ್ ಜಲಸಂಧಿಯ ಬಳಿಯ ಇರಾನ್ ಕ್ಷಿಪಣಿ ತಾಣಗಳನ್ನು ಗುರಿಯಾಗಿಸಿಕೊಂಡು ಅಮೆರಿಕ 2,200 ಕೆಜಿ ತೂಕದ ಬಾಂಬ್‌ಗಳನ್ನು ಹಾಕಿದೆ. ಹಾರ್ಮುಜ್ ಜಲಸಂಧಿಯ ಮೂಲಕ ಹಡಗುಗಳ ಸಂಚಾರಕ್ಕೆ ಅಡ್ಡಿಪಡಿಸುತ್ತಿದ್ದ ಇರಾನ್‌ನ ಕ್ಷಿಪಣಿ ನೆಲೆಗಳನ್ನು ನಾಶಪಡಿಸಲು ಈ ದಾಳಿ ನಡೆಸಲಾಗಿದೆ ಎಂದು ಅಮೆರಿಕ ಸೇನೆ ಹೇಳಿದೆ.
ಇರಾನ್‌ನ ಕ್ಷಿಪಣಿ ತಾಣಗಳ ಮೇಲೆ ಬಾಂಬ್ ದಾಳಿ ನಡೆಸಿದೆ. ಹಾರ್ಮುಜ್ ಜಲಸಂಧಿಯ ಬಳಿ ದೇಶದ ಕರಾವಳಿ ತೀರದಲ್ಲಿರುವ ಇರಾನ್‌ನ ಕ್ಷಿಪಣಿ ತಾಣಗಳ ಮೇಲೆ ಅಮೆರಿಕ ದಾಳಿ ನಡೆಸಿದೆ. ಹಾರ್ಮುಜ್ ಜಲಸಂಧಿಯ ಬಳಿ ಇರಾನಿನ ಕ್ಷಿಪಣಿ ತಾಣಗಳ ಮೇಲೆ ಸುಮಾರು 5,000 ಪೌಂಡ್ ತೂಕದ 2,200 ಕೆಜಿ ಬಂಕರ್-ಬಸ್ಟರ್ ಬಾಂಬ್
ಬಳಸಲಾಗಿದೆ ಎಂದು ಅಮೆರಿಕದ ಸೆಂಟ್ರಲ್ ಕಮಾಂಡ್ ತಿಳಿಸಿದೆ. ಈ ಕುರಿತು ಸಾಮಾಜಿಕ ಜಾಲತಾಣದಲ್ಲಿ ಮಾಹಿತಿ ಹಂಚಿಕೊಂಡಿರುವ ಅಮೆರಿಕದ ಸೆಂಟ್ರಲ್ ಕಮಾಂಡ್, ಹಾರ್ಮುಜ್ ಜಲಸಂಧಿಯ ಬಳಿ ಇರಾನ್‌ನ ಕರಾವಳಿಯುದ್ದಕ್ಕೂ ಗಟ್ಟಿಯಾದ ಇರಾನಿನ ಕ್ಷಿಪಣಿ ತಾಣಗಳ ಮೇಲೆ ಅಮೆರಿಕ ಪಡೆಗಳು 5,000 ಪೌಂಡ್‌ಗಳ ತೂಕದ ಬಾಂಬ್ ದಾಳಿ ನಡೆಸಿವೆ ಎಂದು ಮಾಹಿತಿ ನೀಡಿದೆ.
ಕ್ಷಿಪಣಿಗಳನ್ನು ಗುರಿಯಾಗಿಸಿಕೊಂಡು ದಾಳಿ ನಡೆಸಿದೆ ಎಂದು ತಿಳಿಸಿದೆ. ಉತ್ತರ ಅಟ್ಲಾಂಟಿಕ್ ಒಪ್ಪಂದ ಸಂಸ್ಥೆ-ನ್ಯಾಟೋ ಮಿತ್ರರಾಷ್ಟ್ರಗಳು ಇರಾನ್ ವಿರುದ್ಧ ಕ್ರಮಕ್ಕೆ ಮುಂದಾಗಿಲ್ಲ. ಹಾರ್ಮುಜ್ ಜಲಸಂಧಿ ಪುನರಾರಂಭಿಸುವಂತೆ ಅಮೆರಿಕ ಅಧ್ಯಕ್ಷ ಡೊನಾಲ್ಡ್ ಟ್ರಂಪ್ ಮನವಿ ಮಾಡಿದ್ದಾರೆ. ಇದರ ಬೆನ್ನಲ್ಲೇ ಸೆಂಟ್ರಲ್ ಕಮಾಂಡ್ ಬಾಂಬ್ ದಾಳಿ ನಡೆಸಿದೆ. ಇರಾನ್ ಮೇಲೆ ದಾಳಿ ನಡೆಸಲು ಇಸ್ರೇಲ್ ಜೊತೆಗೆ ಅಮೆರಿಕ ಯುದ್ಧದಲ್ಲಿ ಭಾಗಿಯಾಗಿದೆ. ಅಂತಾರಾಷ್ಟ್ರೀಯ ಸಾಗಣೆಗೆ ಹಾರ್ಮುಜ್ ಮಾರ್ಗ ಪ್ರಮುಖವಾಗಿದೆ.
ನಗರಸಭೆ ಕಾರ್ಯಾಲಯ, ಮಾಲೂರು
ಕೋಲಾರ ಜಿಲ್ಲೆ
ಸಹಾಯವಾಣಿ : 08151-232840
ದೂರವಾಣಿ ಸಂಖ್ಯೆ : 08151-232238
Email : itstaff_ulb_malur@yahoo.co.in
Website :www.malurtown.mrc.gov.in
ಸಂಖ್ಯೆ/ಪುಸಮಾ/ಕಂ.ಶಾ.ಜಿ.ಜ/ಪ್ರ/ಸಿ.ಆರ್/02/2025-26	ದಿನಾಂಕ :16.03.2026.
ವಾಣಿಜ್ಯ ಮಳಿಗೆಗಳ ಇ-ಹರಾಜು (E-Procurment)ಸಾರ್ವಜನಿಕ ಪ್ರಕಟಣೆ
ಮಾಲೂರು ನಗರಸಭೆ ಒಡೆತನದ ವಾಣಿಜ್ಯ ಸಂಕೀರ್ಣಗಳಲ್ಲಿನ ಒಟ್ಟು-61 ಮಳಿಗೆಗಳನ್ನು ಸರ್ಕಾರದ ಮಾರ್ಗಸೂಚಿಗಳಂತೆ ನಿಗದಿಪಡಿಸಿದ ಬಾಡಿಗೆದಾರರ ಮೊತ್ತಕ್ಕೆ ಗರಿಷ್ಠ 12 ವರ್ಷಗಳ ಅವಧಿಗೆ ಇ-ಹರಾಜು (E-Procurment) ಮೂಲಕ ವಿಲೇವಾರಿ ಮಾಡಲು ಈ ಕೆಳಗಿನ ಷೆಡ್ಯೂಲ್‌ನಂತೆ ಇ-ಹರಾಜು ಕೈಗೊಳ್ಳಲಾಗಿದೆ. https://kppp.karnataka.gov.in & ಮಳಿಗೆಗಳನ್ನು ಬಾಡಿಗೆ ಪಡೆಯಬಹುದಾಗಿದೆ.
ಕ್ರ.ಸಂ	ವಿವರ	ಇ-ಟೆಂಡರ್ ಇಂಡೆಂಟ್ ನಂಬರ್
01	ಮಾಲೂರು ನಗರಸಭೆ ಒಡೆತನದ ಬಸ್ ನಿಲ್ದಾಣ ವಾಣಿಜ್ಯ ಸಂಕೀರ್ಣ (ಜಾಗ 1) 03 ವಾಣಿಜ್ಯ ಮಳಿಗೆಗಳು	DMA/2025-26/Auction 5864 ರಿಂದ 5866 ವರೆಗೆ
02	ಮಾಲೂರು ನಗರಸಭೆ ಒಡೆತನದ ಬೆಂಗಳೂರು-ಹೊಸೂರು ರಸ್ತೆಯ 12 ವಾಣಿಜ್ಯ ಮಳಿಗೆಗಳು	DMA/2025-26/Auction 5852 ರಿಂದ 5863 ವರೆಗೆ
03	ಮಾಲೂರು ನಗರಸಭೆ ಒಡೆತನದ ಮಾಲೂರು-ಹೊಸಕೋಟೆ ರಸ್ತೆಯ 16 ವಾಣಿಜ್ಯ ಮಳಿಗೆಗಳು	DMA/2025-26/Auction 5870 ರಿಂದ 5885 ವರೆಗೆ
04	ಮಾಲೂರು ನಗರಸಭೆ ಒಡೆತನದ ಬಸ್ ನಿಲ್ದಾಣ ಹಿಂಭಾಗ ಹಳೆ ಕಟ್ಟಡ 02 ವಾಣಿಜ್ಯ ಮಳಿಗೆಗಳು	DMA/2025-26/Auction/ 5867 ರಿಂದ 5868 ವರೆಗೆ
05	ಮಾಲೂರು ನಗರಸಭೆ ಒಡೆತನದ ಕೆ.ಇ.ಬಿ ಮುಂಭಾಗದ ಒಟ್ಟು 28 ವಾಣಿಜ್ಯ ಮಳಿಗೆಗಳು	DMA/2025-26/Auction 5804 ರಿಂದ 5851 ವರೆಗೆ
ವಾಣಿಜ್ಯ ಮಳಿಗೆಗಳ ಇ-ಹರಾಜು (E-Procurment) ಷೆಡ್ಯೂಲ್ ವಿವರಗಳು
ಕ್ರ.ಸಂ	ವಿವರ	ದಿನಾಂಕ/ಸಮಯ
01	ಇ-ಪೋರ್ಟಲ್‌ನಲ್ಲಿ ಹರಾಜು ನೋಟೀಸನ್ನು ಪ್ರಕಟಿಸುವ ಹಾಗೂ ಟೆಂಡರ್ ದಸ್ತಾವೇಜುಗಳನ್ನು ಪಡೆಯುವ ದಿನಾಂಕ/ಸಮಯ	23.03.2026 ರ ಬೆಳಗ್ಗೆ 10.00 ಗಂಟೆಯಿಂದ 30.03.2026 ಸಂಜೆ 5.30 ಗಂಟೆಯವರೆಗೆ
02	ಇ-ಪೋರ್ಟಲ್‌ನಲ್ಲಿ ಭಾಗವಹಿಸುವವರ ದಾಖಲೆಗಳ ಪರಿಶೀಲನೆ ಕೊನೆಯ ದಿನಾಂಕ/ಸಮಯ	01.04.2026 ರ ಸಂಜೆ 5.30 ಗಂಟೆಯವರೆಗೆ
03	ಇ-ಪೋರ್ಟಲ್‌ನಲ್ಲಿ ಹರಾಜು ನಡೆಸುವ ಲೈವ್ ಬಿಡ್ಡಿಂಗ್ ದಿನಾಂಕ/ಸಮಯ	06.04.2026 ರ ಬೆಳಗ್ಗೆ 10.00 ರಿಂದ 08.04.2026 ರ ಸಂಜೆ 5.30 ಗಂಟೆಯವರೆಗೆ
04	ಇ-ಪೋರ್ಟಲ್‌ನಲ್ಲಿ ಬಿಡ್ ತೆರೆಯುವ ದಿನಾಂಕ/ಸಮಯ	09.04.2026 ರ ಬೆಳಗ್ಗೆ 11.00 ಗಂಟೆಗೆ
ಸಹಿ/-
ಜಿಲ್ಲಾಧಿಕಾರಿಗಳು ಕೋಲಾರ ಜಿಲ್ಲೆ
ಹಾಗೂ ಆಡಳಿತಾಧಿಕಾರಿಗಳು
ನಗರಸಭೆ, ಮಾಲೂರು
ಸಹಿ/-
ಪೌರಾಯುಕ್ತರು
ನಗರಸಭೆ, ಮಾಲೂರು
